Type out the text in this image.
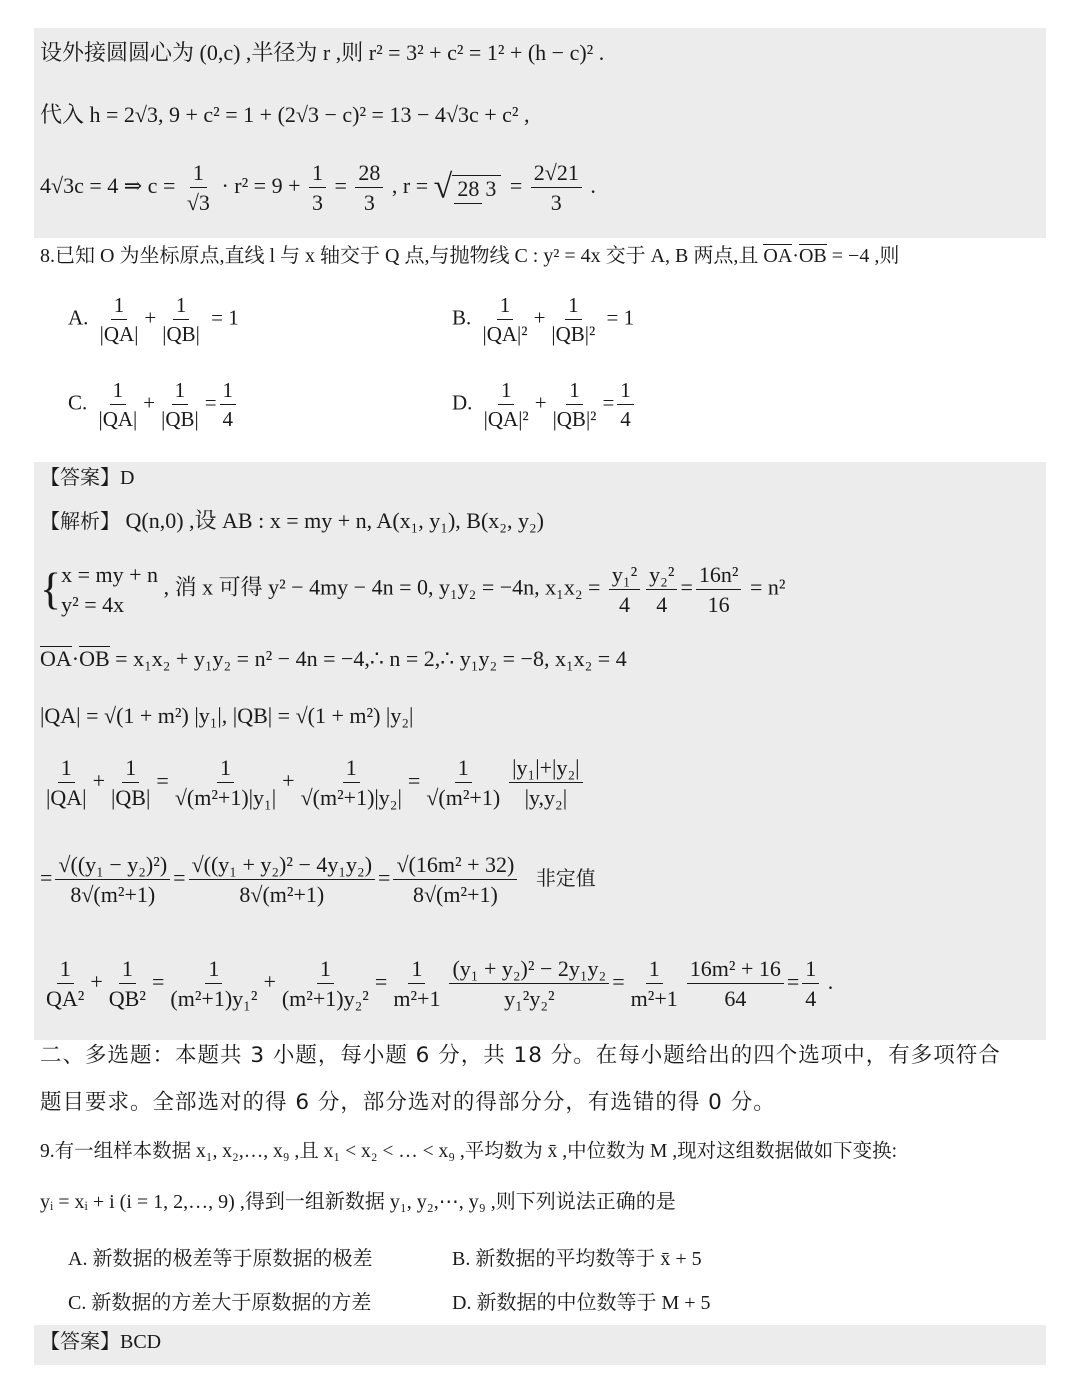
设外接圆圆心为 (0,c) ,半径为 r ,则 r² = 3² + c² = 1² + (h − c)² .
代入 h = 2√3, 9 + c² = 1 + (2√3 − c)² = 13 − 4√3c + c² ,
4√3c = 4 ⇒ $c = \frac{1}{√3} \cdot r^2 = 9 + \frac{1}{3} = \frac{28}{3}$ , r = √ 28 $3 = \frac{2√21}{3}$ .
8.已知 O 为坐标原点,直线 l 与 x 轴交于 Q 点,与抛物线 C : y² = 4x 交于 A, B 两点,且 OA·OB = −4 ,则
A. $\frac{1}{|QA|} + \frac{1}{|QB|} = 1$	B. $\frac{1}{\text{|QA|²}} + \frac{1}{\text{|QB|²}} = 1$
C. $\frac{1}{|QA|} + \frac{1}{|QB|} = \frac{1}{4}$	D. $\frac{1}{\text{|QA|²}} + \frac{1}{\text{|QB|²}} = \frac{1}{4}$
【答案】D
【解析】 Q(n,0) ,设 AB : x = my + n, A(x₁, y₁), B(x₂, y₂)
{ x = my + n
y² = 4x
, 消 x 可得 y² − 4my − 4n = 0, y₁y₂ = −4n, $x_1x_2 = \frac{\text{y₁²}}{4} \frac{\text{y₂²}}{4} = \frac{\text{16n²}}{16} = n^2$
OA·OB = x₁x₂ + y₁y₂ = n² − 4n = −4,∴ n = 2,∴ y₁y₂ = −8, x₁x₂ = 4
|QA| = √(1 + m²) |y₁|, |QB| = √(1 + m²) |y₂|
$\frac{1}{|QA|} + \frac{1}{|QB|} = \frac{1}{\text{√(m²+1)|y₁|}} + \frac{1}{\text{√(m²+1)|y₂|}} = \frac{1}{\text{√(m²+1)}} \frac{\text{|y₁|+|y₂|}}{\text{|y,y₂|}}$
= $\frac{\text{√((y₁ − y₂)²)}}{\text{8√(m²+1)}} = \frac{\text{√((y₁ + y₂)² − 4y₁y₂)}}{\text{8√(m²+1)}} = \frac{\text{√(16m² + 32)}}{\text{8√(m²+1)}}$ 非定值
$\frac{1}{\text{QA²}} + \frac{1}{\text{QB²}} = \frac{1}{\text{(m²+1)y₁²}} + \frac{1}{\text{(m²+1)y₂²}} = \frac{1}{\text{m²+1}} \frac{\text{(y₁ + y₂)² − 2y₁y₂}}{\text{y₁²y₂²}} = \frac{1}{\text{m²+1}} \frac{\text{16m² + 16}}{64} = \frac{1}{4}$ .
二、多选题：本题共 3 小题，每小题 6 分，共 18 分。在每小题给出的四个选项中，有多项符合
题目要求。全部选对的得 6 分，部分选对的得部分分，有选错的得 0 分。
9.有一组样本数据 x₁, x₂,…, x₉ ,且 x₁ < x₂ < … < x₉ ,平均数为 x̄ ,中位数为 M ,现对这组数据做如下变换:
yᵢ = xᵢ + i (i = 1, 2,…, 9) ,得到一组新数据 y₁, y₂,⋯, y₉ ,则下列说法正确的是
A. 新数据的极差等于原数据的极差	B. 新数据的平均数等于 x̄ + 5
C. 新数据的方差大于原数据的方差	D. 新数据的中位数等于 M + 5
【答案】BCD
